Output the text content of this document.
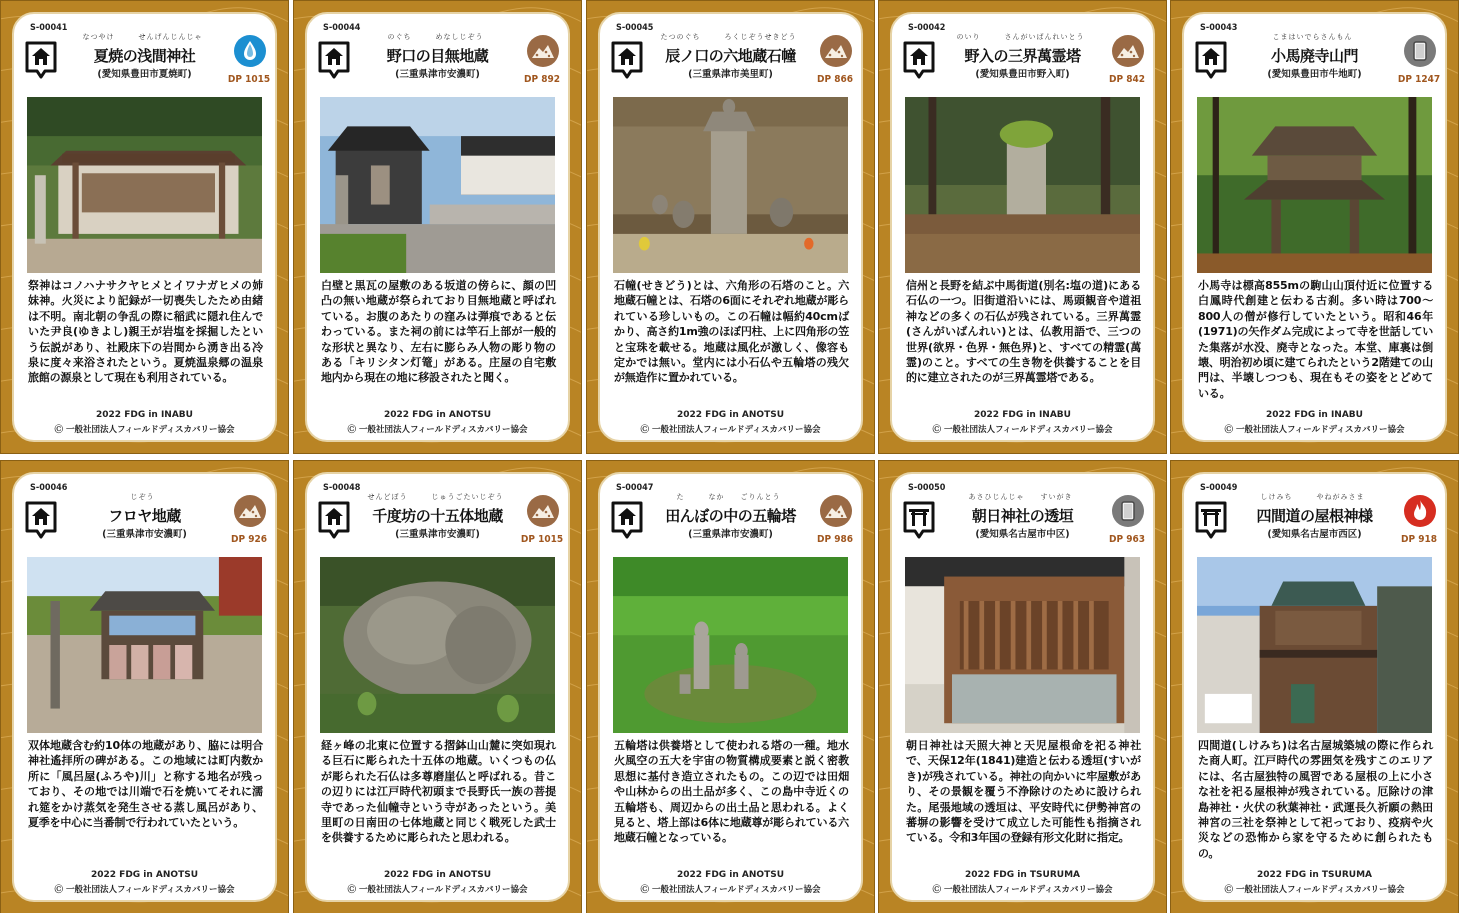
S-00041
なつやけ　　　せんげんじんじゃ
夏焼の浅間神社
(愛知県豊田市夏焼町)	DP 1015
祭神はコノハナサクヤヒメとイワナガヒメの姉妹神。火災により記録が一切喪失したため由緒は不明。南北朝の争乱の際に稲武に隠れ住んでいた尹良(ゆきよし)親王が岩塩を採掘したという伝説があり、社殿床下の岩間から湧き出る冷泉に度々来浴されたという。夏焼温泉郷の温泉旅館の源泉として現在も利用されている。
2022 FDG in INABU
Ⓒ 一般社団法人フィールドディスカバリー協会
S-00044
のぐち　　　めなしじぞう
野口の目無地蔵
(三重県津市安濃町)	DP 892
白壁と黒瓦の屋敷のある坂道の傍らに、顔の凹凸の無い地蔵が祭られており目無地蔵と呼ばれている。お腹のあたりの窪みは弾痕であると伝わっている。また祠の前には竿石上部が一般的な形状と異なり、左右に膨らみ人物の彫り物のある「キリシタン灯篭」がある。庄屋の自宅敷地内から現在の地に移設されたと聞く。
2022 FDG in ANOTSU
Ⓒ 一般社団法人フィールドディスカバリー協会
S-00045
たつのぐち　　　ろくじぞうせきどう
辰ノ口の六地蔵石幢
(三重県津市美里町)	DP 866
石幢(せきどう)とは、六角形の石塔のこと。六地蔵石幢とは、石塔の6面にそれぞれ地蔵が彫られている珍しいもの。この石幢は幅約40cmばかり、高さ約1m強のほぼ円柱、上に四角形の笠と宝珠を載せる。地蔵は風化が激しく、像容も定かでは無い。堂内には小石仏や五輪塔の残欠が無造作に置かれている。
2022 FDG in ANOTSU
Ⓒ 一般社団法人フィールドディスカバリー協会
S-00042
のいり　　　さんがいばんれいとう
野入の三界萬霊塔
(愛知県豊田市野入町)	DP 842
信州と長野を結ぶ中馬街道(別名:塩の道)にある石仏の一つ。旧街道沿いには、馬頭観音や道祖神などの多くの石仏が残されている。三界萬霊(さんがいばんれい)とは、仏教用語で、三つの世界(欲界・色界・無色界)と、すべての精霊(萬霊)のこと。すべての生き物を供養することを目的に建立されたのが三界萬霊塔である。
2022 FDG in INABU
Ⓒ 一般社団法人フィールドディスカバリー協会
S-00043
こまはいでらさんもん
小馬廃寺山門
(愛知県豊田市牛地町)	DP 1247
小馬寺は標高855mの駒山山頂付近に位置する白鳳時代創建と伝わる古刹。多い時は700〜800人の僧が修行していたという。昭和46年(1971)の矢作ダム完成によって寺を世話していた集落が水没、廃寺となった。本堂、庫裏は倒壊、明治初め頃に建てられたという2階建ての山門は、半壊しつつも、現在もその姿をとどめている。
2022 FDG in INABU
Ⓒ 一般社団法人フィールドディスカバリー協会
S-00046
じぞう
フロヤ地蔵
(三重県津市安濃町)	DP 926
双体地蔵含む約10体の地蔵があり、脇には明合神社遙拝所の碑がある。この地域には町内数か所に「風呂屋(ふろや)川」と称する地名が残っており、その地では川端で石を焼いてそれに濡れ筵をかけ蒸気を発生させる蒸し風呂があり、夏季を中心に当番制で行われていたという。
2022 FDG in ANOTSU
Ⓒ 一般社団法人フィールドディスカバリー協会
S-00048
せんどぼう　　　じゅうごたいじぞう
千度坊の十五体地蔵
(三重県津市安濃町)	DP 1015
経ヶ峰の北東に位置する摺鉢山山麓に突如現れる巨石に彫られた十五体の地蔵。いくつもの仏が彫られた石仏は多尊磨崖仏と呼ばれる。昔この辺りには江戸時代初頭まで長野氏一族の菩提寺であった仙幢寺という寺があったという。美里町の日南田の七体地蔵と同じく戦死した武士を供養するために彫られたと思われる。
2022 FDG in ANOTSU
Ⓒ 一般社団法人フィールドディスカバリー協会
S-00047
た　　　なか　　ごりんとう
田んぼの中の五輪塔
(三重県津市安濃町)	DP 986
五輪塔は供養塔として使われる塔の一種。地水火風空の五大を宇宙の物質構成要素と説く密教思想に基付き造立されたもの。この辺では田畑や山林からの出土品が多く、この島中寺近くの五輪塔も、周辺からの出土品と思われる。よく見ると、塔上部は6体に地蔵尊が彫られている六地蔵石幢となっている。
2022 FDG in ANOTSU
Ⓒ 一般社団法人フィールドディスカバリー協会
S-00050
あさひじんじゃ　　すいがき
朝日神社の透垣
(愛知県名古屋市中区)	DP 963
朝日神社は天照大神と天児屋根命を祀る神社で、天保12年(1841)建造と伝わる透垣(すいがき)が残されている。神社の向かいに牢屋敷があり、その景観を覆う不浄除けのために設けられた。尾張地域の透垣は、平安時代に伊勢神宮の蕃塀の影響を受けて成立した可能性も指摘されている。令和3年国の登録有形文化財に指定。
2022 FDG in TSURUMA
Ⓒ 一般社団法人フィールドディスカバリー協会
S-00049
しけみち　　　やねがみさま
四間道の屋根神様
(愛知県名古屋市西区)	DP 918
四間道(しけみち)は名古屋城築城の際に作られた商人町。江戸時代の雰囲気を残すこのエリアには、名古屋独特の風習である屋根の上に小さな社を祀る屋根神が残されている。厄除けの津島神社・火伏の秋葉神社・武運長久祈願の熱田神宮の三社を祭神として祀っており、疫病や火災などの恐怖から家を守るために創られたもの。
2022 FDG in TSURUMA
Ⓒ 一般社団法人フィールドディスカバリー協会
